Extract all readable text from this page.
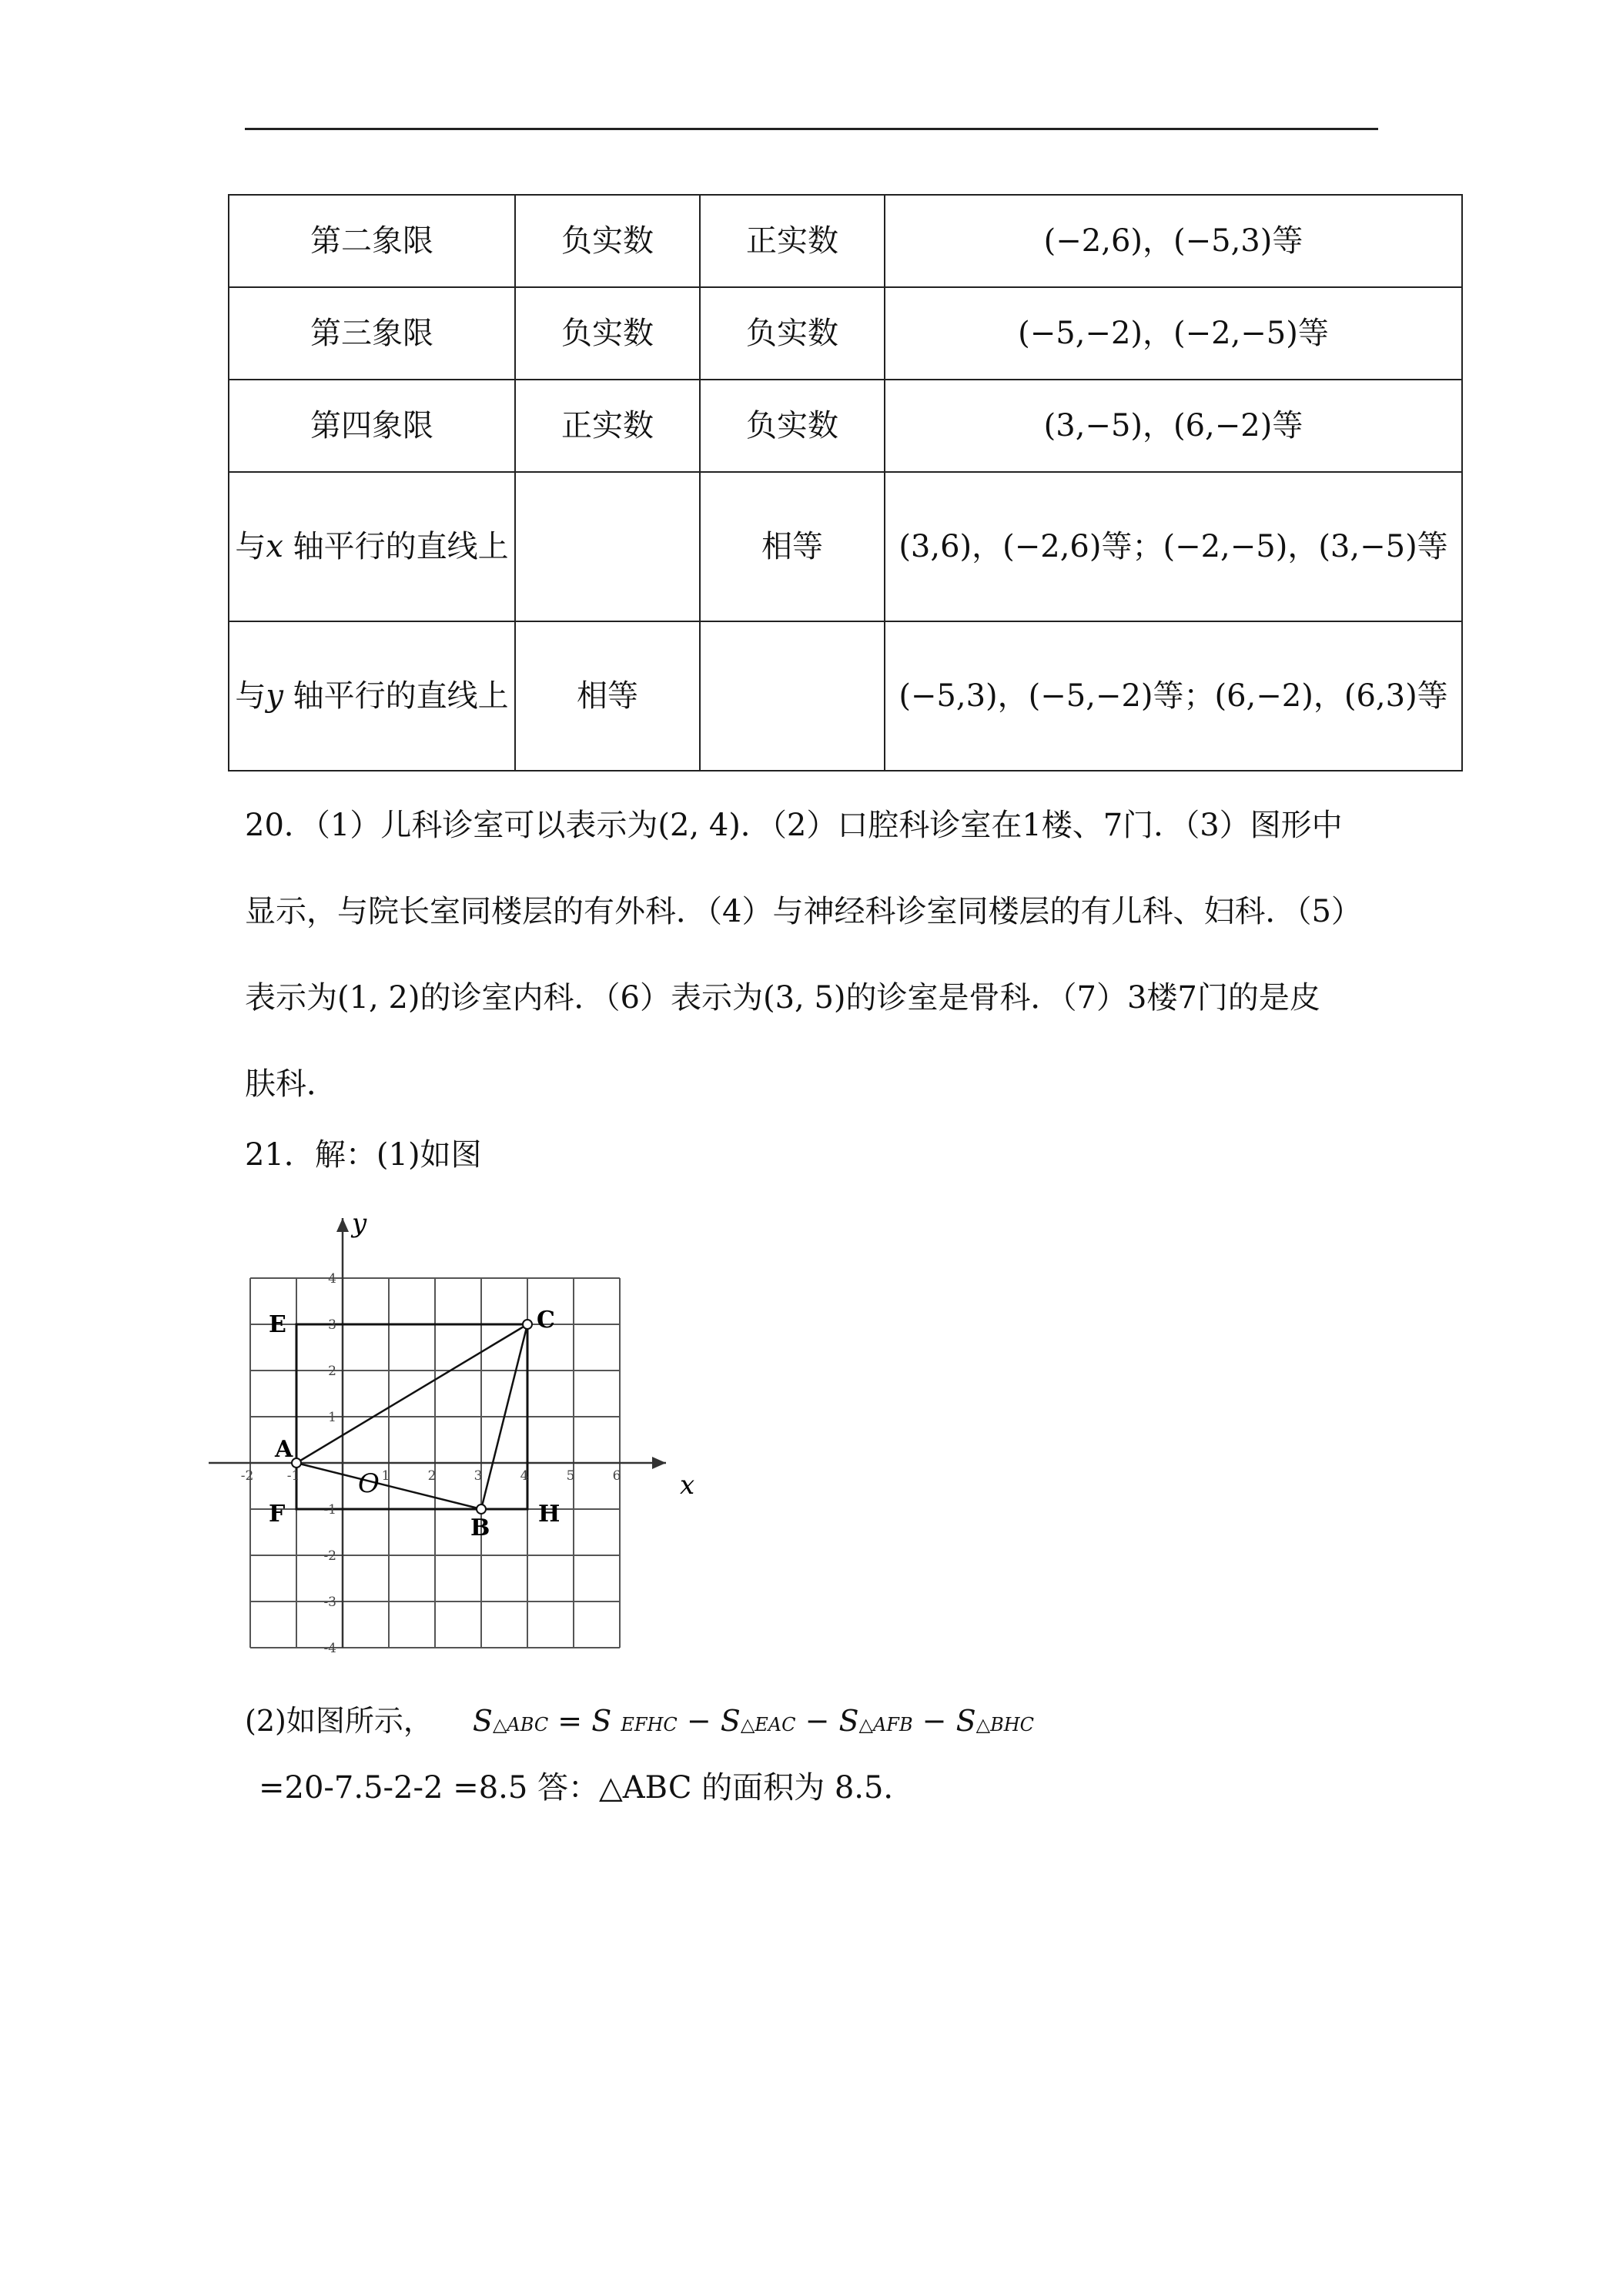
第二象限	负实数	正实数	(−2,6)，(−5,3)等
第三象限	负实数	负实数	(−5,−2)，(−2,−5)等
第四象限	正实数	负实数	(3,−5)，(6,−2)等
与x 轴平行的直线上		相等	(3,6)，(−2,6)等；(−2,−5)，(3,−5)等
与y 轴平行的直线上	相等		(−5,3)，(−5,−2)等；(6,−2)，(6,3)等
20．（1）儿科诊室可以表示为(2, 4)．（2）口腔科诊室在1楼、7门．（3）图形中
显示，与院长室同楼层的有外科．（4）与神经科诊室同楼层的有儿科、妇科．（5）
表示为(1, 2)的诊室内科．（6）表示为(3, 5)的诊室是骨科．（7）3楼7门的是皮
肤科．
21．解：(1)如图
-2	-1	1	2	3	4	5	6
4
3
2
1
-1
-2
-3
-4
x
y
O
A
B
C
E
F	H
(2)如图所示， S△ABC = S EFHC − S△EAC − S△AFB − S△BHC
=20-7.5-2-2 =8.5 答：△ABC 的面积为 8.5．
